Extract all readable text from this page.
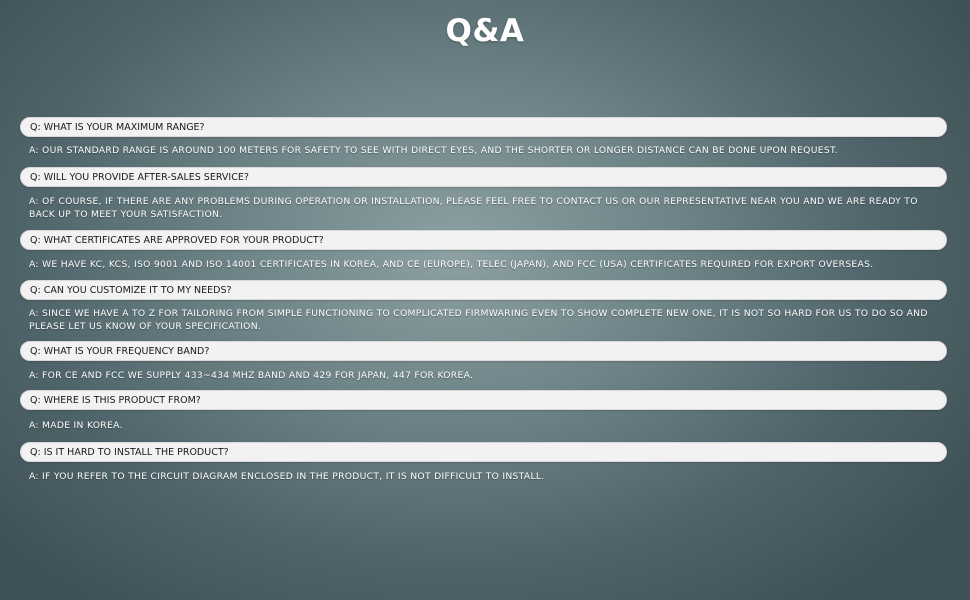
Q&A
Q: WHAT IS YOUR MAXIMUM RANGE?
A: OUR STANDARD RANGE IS AROUND 100 METERS FOR SAFETY TO SEE WITH DIRECT EYES, AND THE SHORTER OR LONGER DISTANCE CAN BE DONE UPON REQUEST.
Q: WILL YOU PROVIDE AFTER-SALES SERVICE?
A: OF COURSE, IF THERE ARE ANY PROBLEMS DURING OPERATION OR INSTALLATION, PLEASE FEEL FREE TO CONTACT US OR OUR REPRESENTATIVE NEAR YOU AND WE ARE READY TO BACK UP TO MEET YOUR SATISFACTION.
Q: WHAT CERTIFICATES ARE APPROVED FOR YOUR PRODUCT?
A: WE HAVE KC, KCS, ISO 9001 AND ISO 14001 CERTIFICATES IN KOREA, AND CE (EUROPE), TELEC (JAPAN), AND FCC (USA) CERTIFICATES REQUIRED FOR EXPORT OVERSEAS.
Q: CAN YOU CUSTOMIZE IT TO MY NEEDS?
A: SINCE WE HAVE A TO Z FOR TAILORING FROM SIMPLE FUNCTIONING TO COMPLICATED FIRMWARING EVEN TO SHOW COMPLETE NEW ONE, IT IS NOT SO HARD FOR US TO DO SO AND PLEASE LET US KNOW OF YOUR SPECIFICATION.
Q: WHAT IS YOUR FREQUENCY BAND?
A: FOR CE AND FCC WE SUPPLY 433~434 MHZ BAND AND 429 FOR JAPAN, 447 FOR KOREA.
Q: WHERE IS THIS PRODUCT FROM?
A: MADE IN KOREA.
Q: IS IT HARD TO INSTALL THE PRODUCT?
A: IF YOU REFER TO THE CIRCUIT DIAGRAM ENCLOSED IN THE PRODUCT, IT IS NOT DIFFICULT TO INSTALL.
